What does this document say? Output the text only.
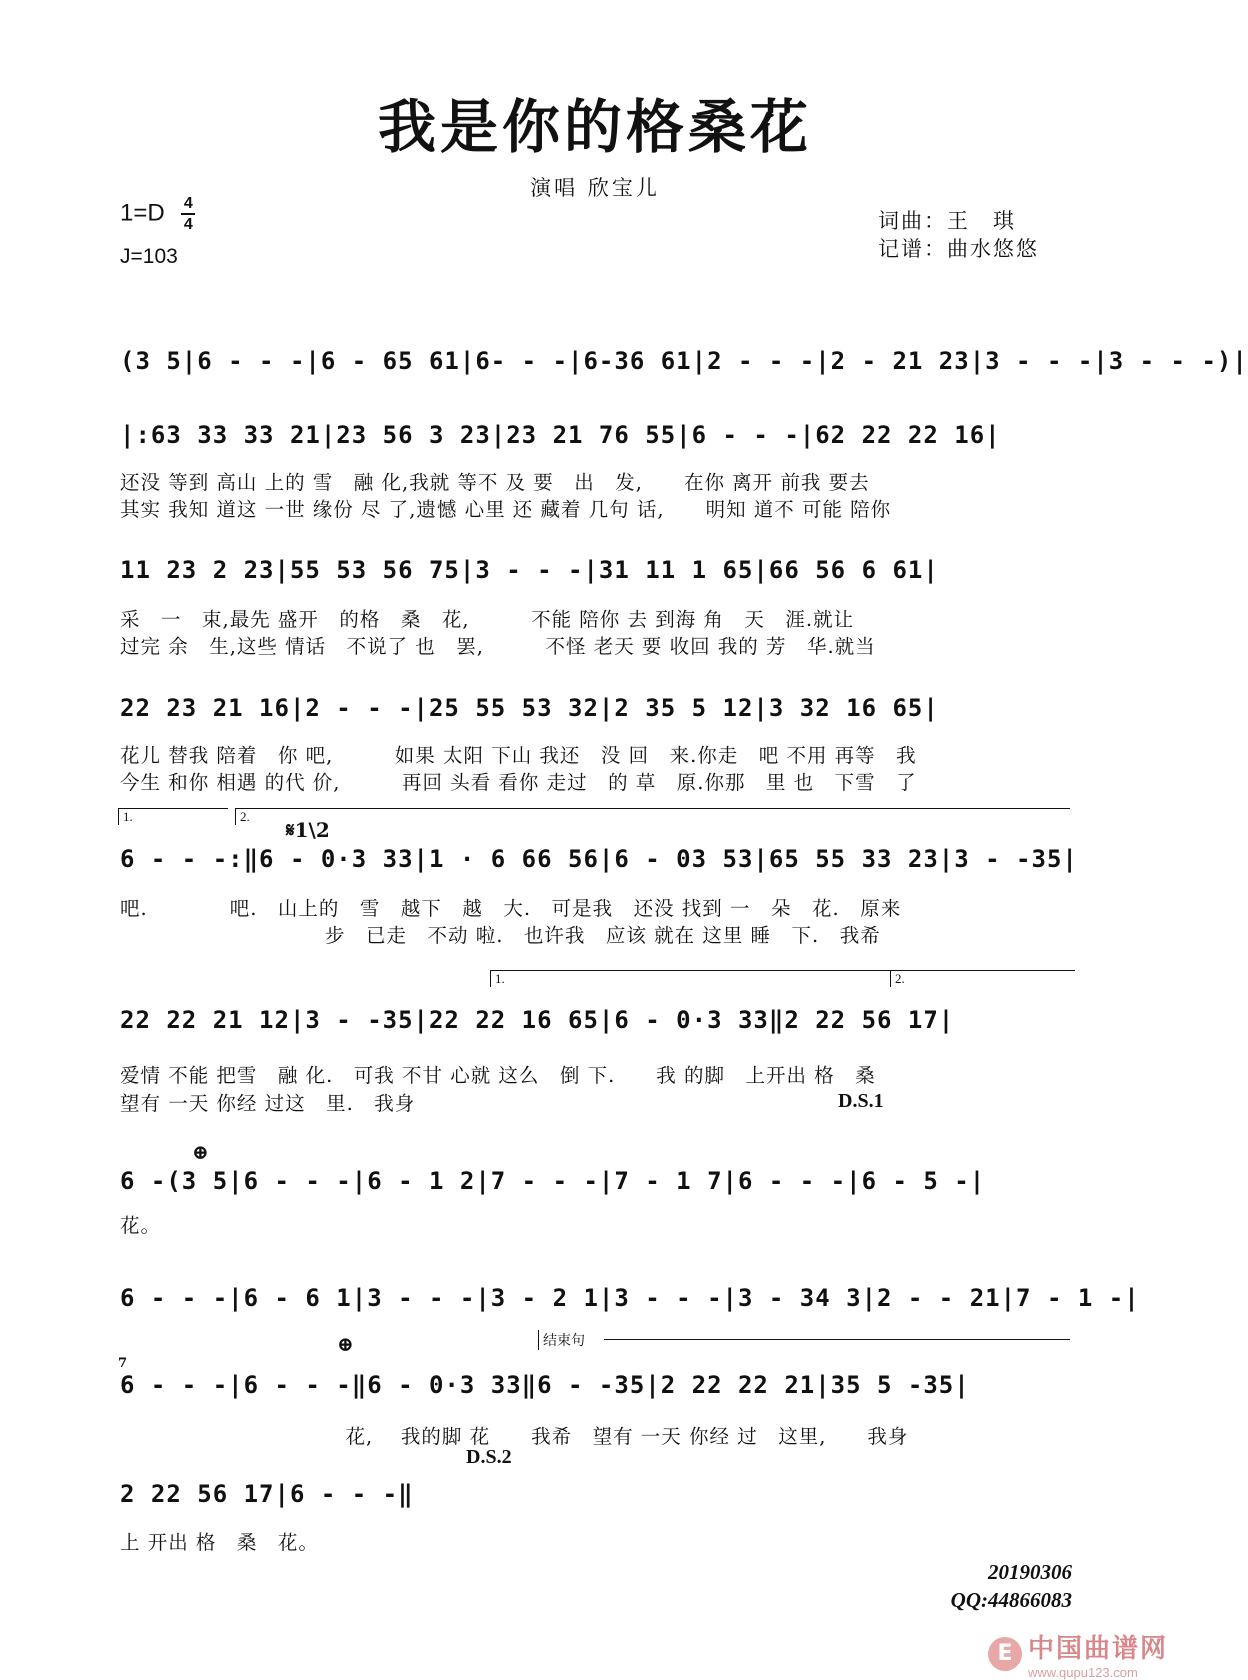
我是你的格桑花
演唱 欣宝儿
$1=D \frac{4}{4}$
J=103
词曲：王　琪
记谱：曲水悠悠
(3 5|6 - - -|6 - 65 61|6- - -|6-36 61|2 - - -|2 - 21 23|3 - - -|3 - - -)|
|:63 33 33 21|23 56 3 23|23 21 76 55|6 - - -|62 22 22 16|
还没 等到 高山 上的 雪　融 化,我就 等不 及 要　出　发,　　在你 离开 前我 要去
其实 我知 道这 一世 缘份 尽 了,遗憾 心里 还 藏着 几句 话,　　明知 道不 可能 陪你
11 23 2 23|55 53 56 75|3 - - -|31 11 1 65|66 56 6 61|
采　一　束,最先 盛开　的格　桑　花,　　　不能 陪你 去 到海 角　天　涯.就让
过完 余　生,这些 情话　不说了 也　罢,　　　不怪 老天 要 收回 我的 芳　华.就当
22 23 21 16|2 - - -|25 55 53 32|2 35 5 12|3 32 16 65|
花儿 替我 陪着　你 吧,　　　如果 太阳 下山 我还　没 回　来.你走　吧 不用 再等　我
今生 和你 相遇 的代 价,　　　再回 头看 看你 走过　的 草　原.你那　里 也　下雪　了
1.	2.
𝄋1\2
6 - - -:‖6 - 0·3 33|1 · 6 66 56|6 - 03 53|65 55 33 23|3 - -35|
吧.　　　　吧.　山上的　雪　越下　越　大.　可是我　还没 找到 一　朵　花.　原来
　　　　　　　　　　步　已走　不动 啦.　也许我　应该 就在 这里 睡　下.　我希
1.	2.
22 22 21 12|3 - -35|22 22 16 65|6 - 0·3 33‖2 22 56 17|
爱情 不能 把雪　融 化.　可我 不甘 心就 这么　倒 下.　　我 的脚　上开出 格　桑
望有 一天 你经 过这　里.　我身	D.S.1
⊕
6 -(3 5|6 - - -|6 - 1 2|7 - - -|7 - 1 7|6 - - -|6 - 5 -|
花。
6 - - -|6 - 6 1|3 - - -|3 - 2 1|3 - - -|3 - 34 3|2 - - 21|7 - 1 -|
结束句
⊕
7
6 - - -|6 - - -‖6 - 0·3 33‖6 - -35|2 22 22 21|35 5 -35|
　　　　　　　　　　　花,　 我的脚 花　　我希　望有 一天 你经 过　这里,　　我身
D.S.2
2 22 56 17|6 - - -‖
上 开出 格　桑　花。
20190306
QQ:44866083
E 中国曲谱网
www.qupu123.com
